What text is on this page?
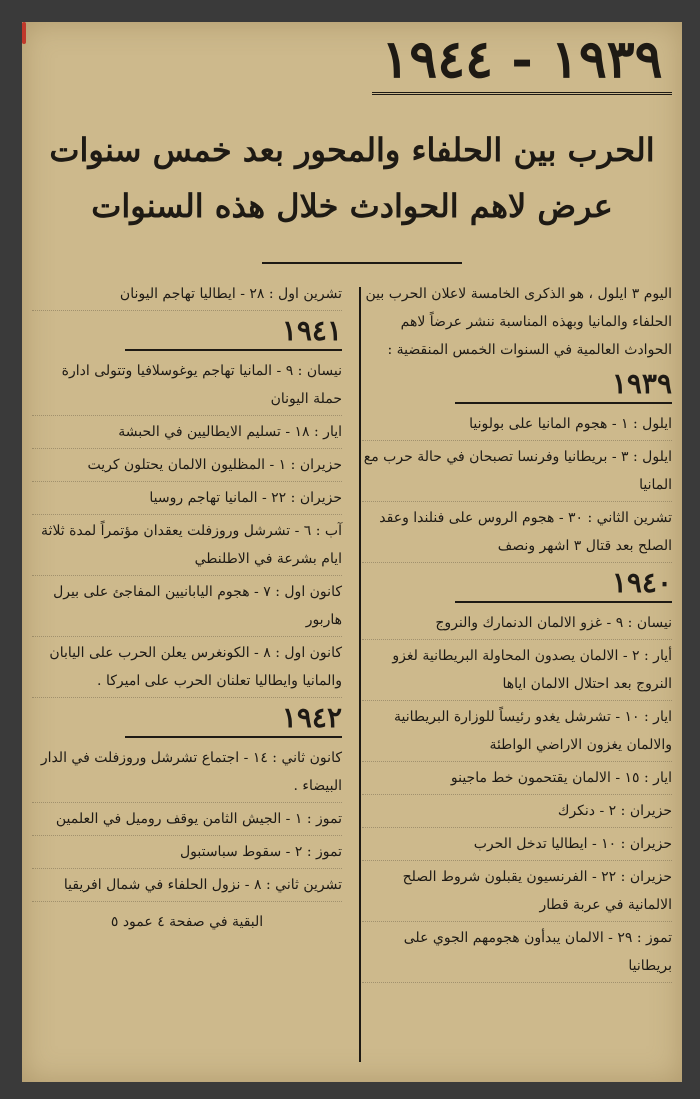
١٩٣٩ - ١٩٤٤
الحرب بين الحلفاء والمحور بعد خمس سنوات
عرض لاهم الحوادث خلال هذه السنوات
اليوم ٣ ايلول ، هو الذكرى الخامسة لاعلان الحرب بين الحلفاء والمانيا وبهذه المناسبة ننشر عرضاً لاهم الحوادث العالمية في السنوات الخمس المنقضية :
١٩٣٩
ايلول : ١ - هجوم المانيا على بولونيا
ايلول : ٣ - بريطانيا وفرنسا تصبحان في حالة حرب مع المانيا
تشرين الثاني : ٣٠ - هجوم الروس على فنلندا وعقد الصلح بعد قتال ٣ اشهر ونصف
١٩٤٠
نيسان : ٩ - غزو الالمان الدنمارك والنروج
أيار : ٢ - الالمان يصدون المحاولة البريطانية لغزو النروج بعد احتلال الالمان اياها
ايار : ١٠ - تشرشل يغدو رئيساً للوزارة البريطانية والالمان يغزون الاراضي الواطئة
ايار : ١٥ - الالمان يقتحمون خط ماجينو
حزيران : ٢ - دنكرك
حزيران : ١٠ - ايطاليا تدخل الحرب
حزيران : ٢٢ - الفرنسيون يقبلون شروط الصلح الالمانية في عربة قطار
تموز : ٢٩ - الالمان يبدأون هجومهم الجوي على بريطانيا
تشرين اول : ٢٨ - ايطاليا تهاجم اليونان
١٩٤١
نيسان : ٩ - المانيا تهاجم يوغوسلافيا وتتولى ادارة حملة اليونان
ايار : ١٨ - تسليم الايطاليين في الحبشة
حزيران : ١ - المظليون الالمان يحتلون كريت
حزيران : ٢٢ - المانيا تهاجم روسيا
آب : ٦ - تشرشل وروزفلت يعقدان مؤتمراً لمدة ثلاثة ايام بشرعة في الاطلنطي
كانون اول : ٧ - هجوم اليابانيين المفاجئ على بيرل هاربور
كانون اول : ٨ - الكونغرس يعلن الحرب على اليابان والمانيا وايطاليا تعلنان الحرب على اميركا .
١٩٤٢
كانون ثاني : ١٤ - اجتماع تشرشل وروزفلت في الدار البيضاء .
تموز : ١ - الجيش الثامن يوقف روميل في العلمين
تموز : ٢ - سقوط سباستبول
تشرين ثاني : ٨ - نزول الحلفاء في شمال افريقيا
البقية في صفحة ٤ عمود ٥
